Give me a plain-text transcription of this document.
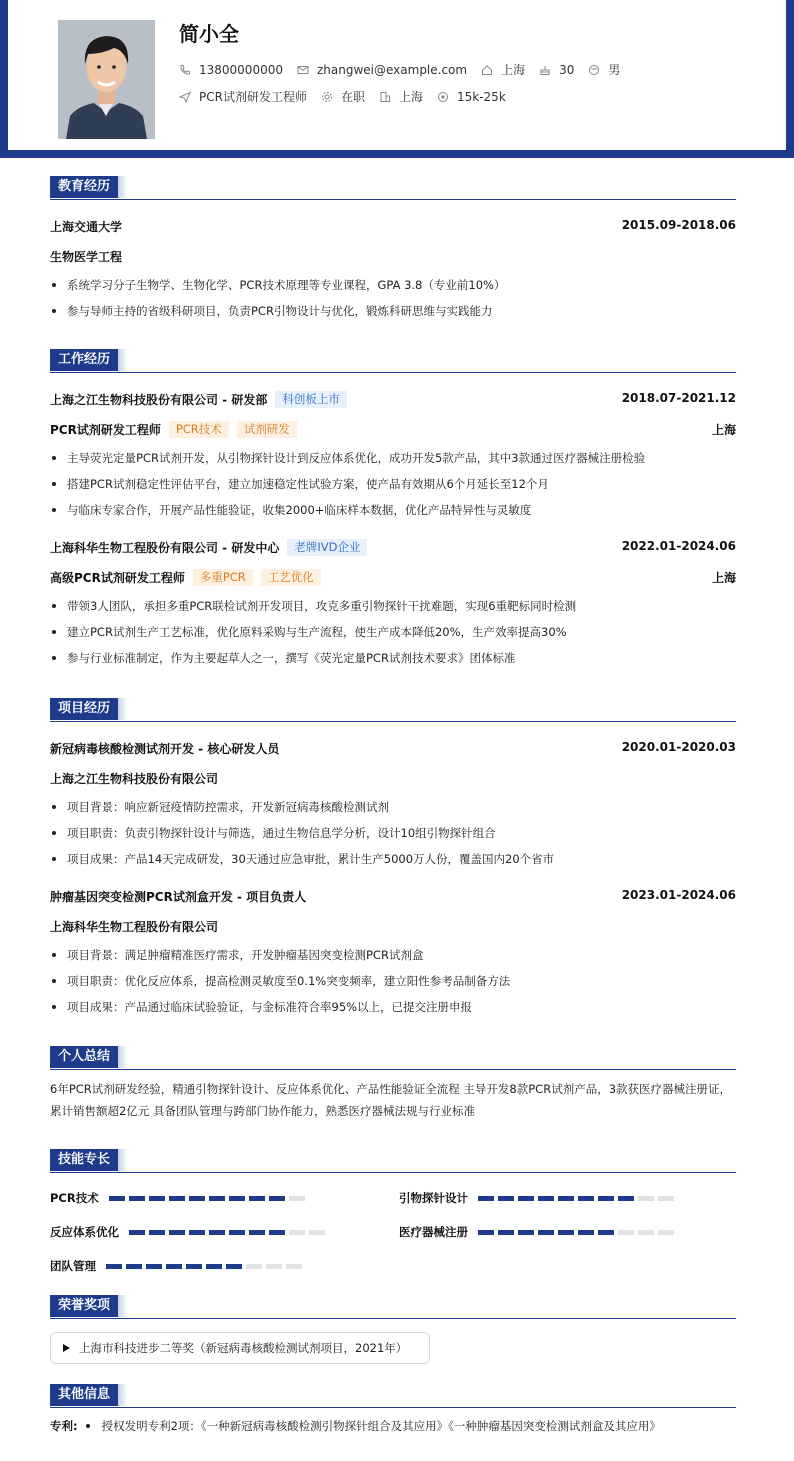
简小全
13800000000	zhangwei@example.com	上海	30	男
PCR试剂研发工程师	在职	上海	15k-25k
教育经历
上海交通大学	2015.09-2018.06
生物医学工程
系统学习分子生物学、生物化学、PCR技术原理等专业课程，GPA 3.8（专业前10%）
参与导师主持的省级科研项目，负责PCR引物设计与优化，锻炼科研思维与实践能力
工作经历
上海之江生物科技股份有限公司 - 研发部	科创板上市	2018.07-2021.12
PCR试剂研发工程师	PCR技术	试剂研发	上海
主导荧光定量PCR试剂开发，从引物探针设计到反应体系优化，成功开发5款产品，其中3款通过医疗器械注册检验
搭建PCR试剂稳定性评估平台，建立加速稳定性试验方案，使产品有效期从6个月延长至12个月
与临床专家合作，开展产品性能验证，收集2000+临床样本数据，优化产品特异性与灵敏度
上海科华生物工程股份有限公司 - 研发中心	老牌IVD企业	2022.01-2024.06
高级PCR试剂研发工程师	多重PCR	工艺优化	上海
带领3人团队，承担多重PCR联检试剂开发项目，攻克多重引物探针干扰难题，实现6重靶标同时检测
建立PCR试剂生产工艺标准，优化原料采购与生产流程，使生产成本降低20%，生产效率提高30%
参与行业标准制定，作为主要起草人之一，撰写《荧光定量PCR试剂技术要求》团体标准
项目经历
新冠病毒核酸检测试剂开发 - 核心研发人员	2020.01-2020.03
上海之江生物科技股份有限公司
项目背景：响应新冠疫情防控需求，开发新冠病毒核酸检测试剂
项目职责：负责引物探针设计与筛选，通过生物信息学分析，设计10组引物探针组合
项目成果：产品14天完成研发，30天通过应急审批，累计生产5000万人份，覆盖国内20个省市
肿瘤基因突变检测PCR试剂盒开发 - 项目负责人	2023.01-2024.06
上海科华生物工程股份有限公司
项目背景：满足肿瘤精准医疗需求，开发肿瘤基因突变检测PCR试剂盒
项目职责：优化反应体系，提高检测灵敏度至0.1%突变频率，建立阳性参考品制备方法
项目成果：产品通过临床试验验证，与金标准符合率95%以上，已提交注册申报
个人总结
6年PCR试剂研发经验，精通引物探针设计、反应体系优化、产品性能验证全流程 主导开发8款PCR试剂产品，3款获医疗器械注册证，累计销售额超2亿元 具备团队管理与跨部门协作能力，熟悉医疗器械法规与行业标准
技能专长
PCR技术	引物探针设计
反应体系优化	医疗器械注册
团队管理
荣誉奖项
上海市科技进步二等奖（新冠病毒核酸检测试剂项目，2021年）
其他信息
专利: 授权发明专利2项：《一种新冠病毒核酸检测引物探针组合及其应用》《一种肿瘤基因突变检测试剂盒及其应用》
